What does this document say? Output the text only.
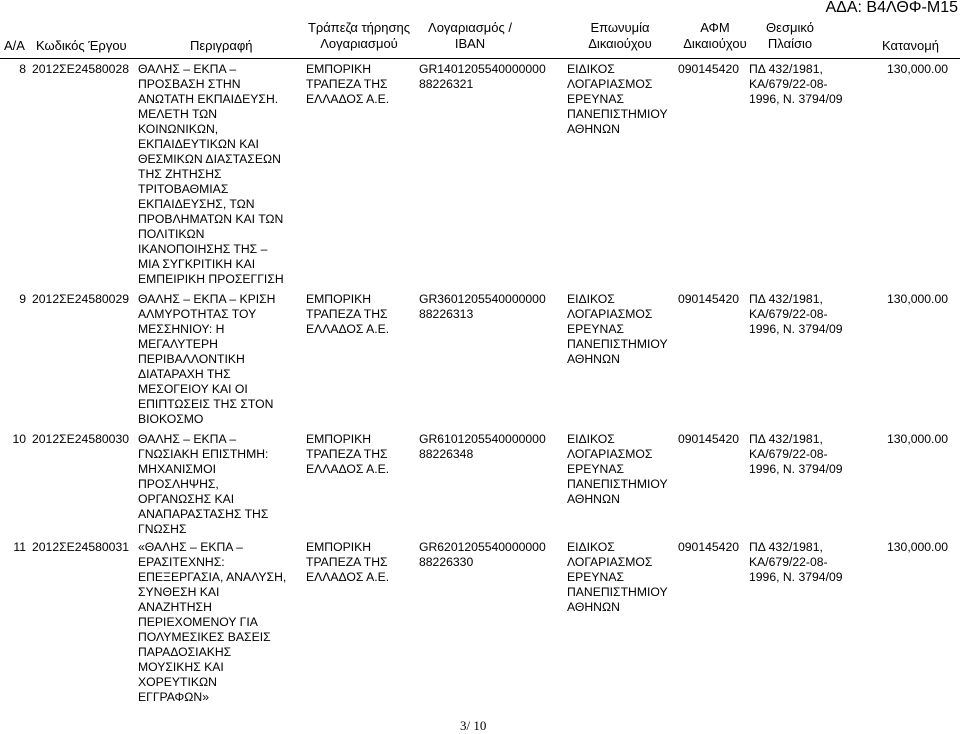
ΑΔΑ: Β4ΛΘΦ-Μ15
Α/Α Κωδικός Έργου	Περιγραφή
Τράπεζα τήρησης
Λογαριασμού
Λογαριασμός /
IBAN
Επωνυμία
Δικαιούχου
ΑΦΜ
Δικαιούχου
Θεσμικό
Πλαίσιο	Κατανομή
8 2012ΣΕ24580028 ΘΑΛΗΣ – ΕΚΠΑ –
ΠΡΟΣΒΑΣΗ ΣΤΗΝ
ΑΝΩΤΑΤΗ ΕΚΠΑΙΔΕΥΣΗ.
ΜΕΛΕΤΗ ΤΩΝ
ΚΟΙΝΩΝΙΚΩΝ,
ΕΚΠΑΙΔΕΥΤΙΚΩΝ ΚΑΙ
ΘΕΣΜΙΚΩΝ ΔΙΑΣΤΑΣΕΩΝ
ΤΗΣ ΖΗΤΗΣΗΣ
ΤΡΙΤΟΒΑΘΜΙΑΣ
ΕΚΠΑΙΔΕΥΣΗΣ, ΤΩΝ
ΠΡΟΒΛΗΜΑΤΩΝ ΚΑΙ ΤΩΝ
ΠΟΛΙΤΙΚΩΝ
ΙΚΑΝΟΠΟΙΗΣΗΣ ΤΗΣ –
ΜΙΑ ΣΥΓΚΡΙΤΙΚΗ ΚΑΙ
ΕΜΠΕΙΡΙΚΗ ΠΡΟΣΕΓΓΙΣΗ
ΕΜΠΟΡΙΚΗ
ΤΡΑΠΕΖΑ ΤΗΣ
ΕΛΛΑΔΟΣ Α.Ε.
GR1401205540000000
88226321
ΕΙΔΙΚΟΣ
ΛΟΓΑΡΙΑΣΜΟΣ
ΕΡΕΥΝΑΣ
ΠΑΝΕΠΙΣΤΗΜΙΟΥ
ΑΘΗΝΩΝ
090145420 ΠΔ 432/1981,
ΚΑ/679/22-08-
1996, Ν. 3794/09
130,000.00
9 2012ΣΕ24580029 ΘΑΛΗΣ – ΕΚΠΑ – ΚΡΙΣΗ
ΑΛΜΥΡΟΤΗΤΑΣ ΤΟΥ
ΜΕΣΣΗΝΙΟΥ: Η
ΜΕΓΑΛΥΤΕΡΗ
ΠΕΡΙΒΑΛΛΟΝΤΙΚΗ
ΔΙΑΤΑΡΑΧΗ ΤΗΣ
ΜΕΣΟΓΕΙΟΥ ΚΑΙ ΟΙ
ΕΠΙΠΤΩΣΕΙΣ ΤΗΣ ΣΤΟΝ
ΒΙΟΚΟΣΜΟ
ΕΜΠΟΡΙΚΗ
ΤΡΑΠΕΖΑ ΤΗΣ
ΕΛΛΑΔΟΣ Α.Ε.
GR3601205540000000
88226313
ΕΙΔΙΚΟΣ
ΛΟΓΑΡΙΑΣΜΟΣ
ΕΡΕΥΝΑΣ
ΠΑΝΕΠΙΣΤΗΜΙΟΥ
ΑΘΗΝΩΝ
090145420 ΠΔ 432/1981,
ΚΑ/679/22-08-
1996, Ν. 3794/09
130,000.00
10 2012ΣΕ24580030 ΘΑΛΗΣ – ΕΚΠΑ –
ΓΝΩΣΙΑΚΗ ΕΠΙΣΤΗΜΗ:
ΜΗΧΑΝΙΣΜΟΙ
ΠΡΟΣΛΗΨΗΣ,
ΟΡΓΑΝΩΣΗΣ ΚΑΙ
ΑΝΑΠΑΡΑΣΤΑΣΗΣ ΤΗΣ
ΓΝΩΣΗΣ
ΕΜΠΟΡΙΚΗ
ΤΡΑΠΕΖΑ ΤΗΣ
ΕΛΛΑΔΟΣ Α.Ε.
GR6101205540000000
88226348
ΕΙΔΙΚΟΣ
ΛΟΓΑΡΙΑΣΜΟΣ
ΕΡΕΥΝΑΣ
ΠΑΝΕΠΙΣΤΗΜΙΟΥ
ΑΘΗΝΩΝ
090145420 ΠΔ 432/1981,
ΚΑ/679/22-08-
1996, Ν. 3794/09
130,000.00
11 2012ΣΕ24580031 «ΘΑΛΗΣ – ΕΚΠΑ –
ΕΡΑΣΙΤΕΧΝΗΣ:
ΕΠΕΞΕΡΓΑΣΙΑ, ΑΝΑΛΥΣΗ,
ΣΥΝΘΕΣΗ ΚΑΙ
ΑΝΑΖΗΤΗΣΗ
ΠΕΡΙΕΧΟΜΕΝΟΥ ΓΙΑ
ΠΟΛΥΜΕΣΙΚΕΣ ΒΑΣΕΙΣ
ΠΑΡΑΔΟΣΙΑΚΗΣ
ΜΟΥΣΙΚΗΣ ΚΑΙ
ΧΟΡΕΥΤΙΚΩΝ
ΕΓΓΡΑΦΩΝ»
ΕΜΠΟΡΙΚΗ
ΤΡΑΠΕΖΑ ΤΗΣ
ΕΛΛΑΔΟΣ Α.Ε.
GR6201205540000000
88226330
ΕΙΔΙΚΟΣ
ΛΟΓΑΡΙΑΣΜΟΣ
ΕΡΕΥΝΑΣ
ΠΑΝΕΠΙΣΤΗΜΙΟΥ
ΑΘΗΝΩΝ
090145420 ΠΔ 432/1981,
ΚΑ/679/22-08-
1996, Ν. 3794/09
130,000.00
3/ 10
